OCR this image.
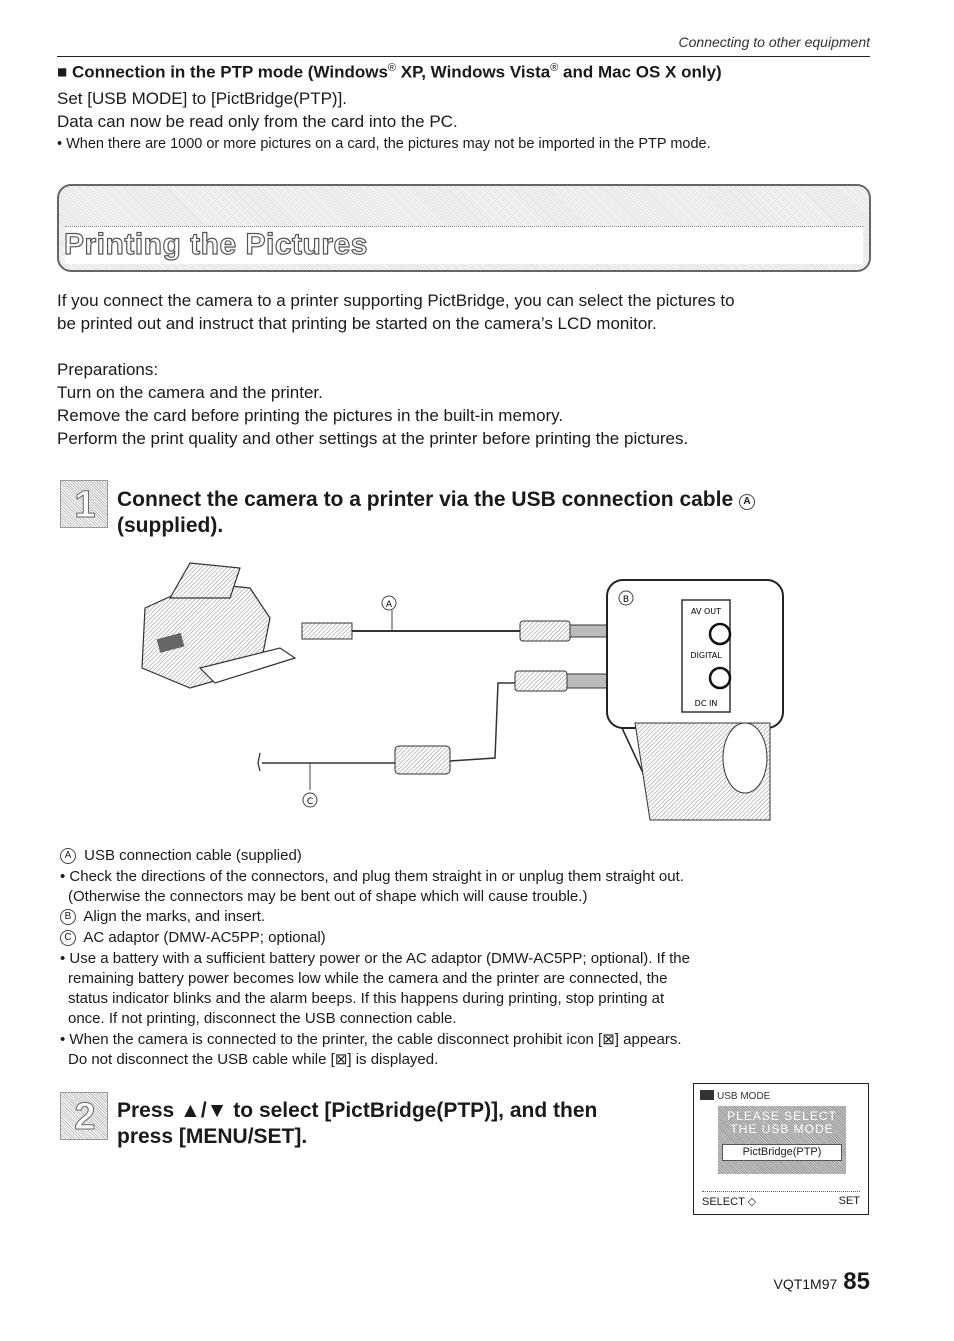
Connecting to other equipment
■ Connection in the PTP mode (Windows® XP, Windows Vista® and Mac OS X only)
Set [USB MODE] to [PictBridge(PTP)].
Data can now be read only from the card into the PC.
• When there are 1000 or more pictures on a card, the pictures may not be imported in the PTP mode.
Printing the Pictures
If you connect the camera to a printer supporting PictBridge, you can select the pictures to
be printed out and instruct that printing be started on the camera’s LCD monitor.
Preparations:
Turn on the camera and the printer.
Remove the card before printing the pictures in the built-in memory.
Perform the print quality and other settings at the printer before printing the pictures.
1	Connect the camera to a printer via the USB connection cable A
(supplied).
A	B
C
AV OUT
DIGITAL
DC IN
A USB connection cable (supplied)
• Check the directions of the connectors, and plug them straight in or unplug them straight out.
(Otherwise the connectors may be bent out of shape which will cause trouble.)
B Align the marks, and insert.
C AC adaptor (DMW-AC5PP; optional)
• Use a battery with a sufficient battery power or the AC adaptor (DMW-AC5PP; optional). If the
remaining battery power becomes low while the camera and the printer are connected, the
status indicator blinks and the alarm beeps. If this happens during printing, stop printing at
once. If not printing, disconnect the USB connection cable.
• When the camera is connected to the printer, the cable disconnect prohibit icon [⊠] appears.
Do not disconnect the USB cable while [⊠] is displayed.
2	Press ▲/▼ to select [PictBridge(PTP)], and then
press [MENU/SET].
USB MODE
PLEASE SELECT
THE USB MODE
PictBridge(PTP)
SELECT ◇	SET
VQT1M97 85
